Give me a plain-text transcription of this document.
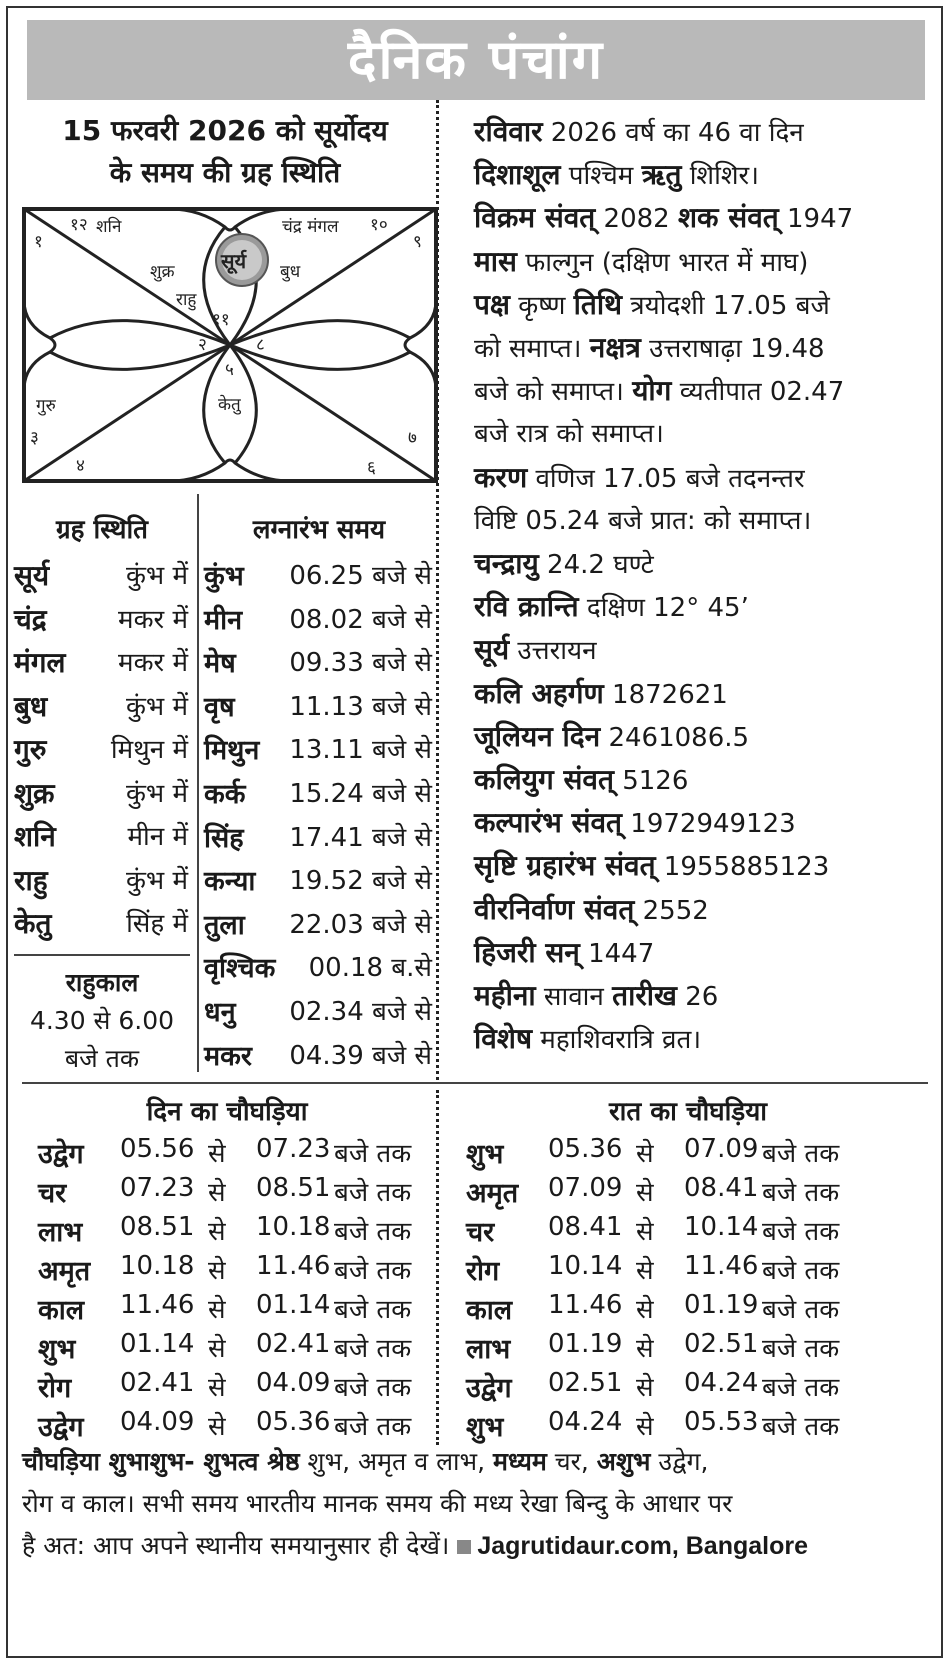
दैनिक पंचांग
15 फरवरी 2026 को सूर्योदय
के समय की ग्रह स्थिति
१
२
३
४
५
६
७
८
९
१०
११
१२ शनि	चंद्र मंगल
शुक्र	बुध
राहु
गुरु	केतु
सूर्य
ग्रह स्थिति
सूर्य	कुंभ में
चंद्र	मकर में
मंगल मकर में
बुध	कुंभ में
गुरु मिथुन में
शुक्र	कुंभ में
शनि	मीन में
राहु	कुंभ में
केतु	सिंह में
राहुकाल
4.30 से 6.00
बजे तक
लग्नारंभ समय
कुंभ 06.25 बजे से
मीन 08.02 बजे से
मेष 09.33 बजे से
वृष 11.13 बजे से
मिथुन 13.11 बजे से
कर्क 15.24 बजे से
सिंह 17.41 बजे से
कन्या 19.52 बजे से
तुला 22.03 बजे से
वृश्चिक 00.18 ब.से
धनु 02.34 बजे से
मकर 04.39 बजे से
रविवार 2026 वर्ष का 46 वा दिन
दिशाशूल पश्चिम ऋतु शिशिर।
विक्रम संवत् 2082 शक संवत् 1947
मास फाल्गुन (दक्षिण भारत में माघ)
पक्ष कृष्ण तिथि त्रयोदशी 17.05 बजे
को समाप्त। नक्षत्र उत्तराषाढ़ा 19.48
बजे को समाप्त। योग व्यतीपात 02.47
बजे रात्र को समाप्त।
करण वणिज 17.05 बजे तदनन्तर
विष्टि 05.24 बजे प्रात: को समाप्त।
चन्द्रायु 24.2 घण्टे
रवि क्रान्ति दक्षिण 12° 45’
सूर्य उत्तरायन
कलि अहर्गण 1872621
जूलियन दिन 2461086.5
कलियुग संवत् 5126
कल्पारंभ संवत् 1972949123
सृष्टि ग्रहारंभ संवत् 1955885123
वीरनिर्वाण संवत् 2552
हिजरी सन् 1447
महीना सावान तारीख 26
विशेष महाशिवरात्रि व्रत।
दिन का चौघड़िया	रात का चौघड़िया
उद्वेग 05.56 से 07.23 बजे तक
चर 07.23 से 08.51 बजे तक
लाभ 08.51 से 10.18 बजे तक
अमृत 10.18 से 11.46 बजे तक
काल 11.46 से 01.14 बजे तक
शुभ 01.14 से 02.41 बजे तक
रोग 02.41 से 04.09 बजे तक
उद्वेग 04.09 से 05.36 बजे तक
शुभ 05.36 से 07.09 बजे तक
अमृत 07.09 से 08.41 बजे तक
चर 08.41 से 10.14 बजे तक
रोग 10.14 से 11.46 बजे तक
काल 11.46 से 01.19 बजे तक
लाभ 01.19 से 02.51 बजे तक
उद्वेग 02.51 से 04.24 बजे तक
शुभ 04.24 से 05.53 बजे तक
चौघड़िया शुभाशुभ- शुभत्व श्रेष्ठ शुभ, अमृत व लाभ, मध्यम चर, अशुभ उद्वेग,
रोग व काल। सभी समय भारतीय मानक समय की मध्य रेखा बिन्दु के आधार पर
है अत: आप अपने स्थानीय समयानुसार ही देखें। Jagrutidaur.com, Bangalore
